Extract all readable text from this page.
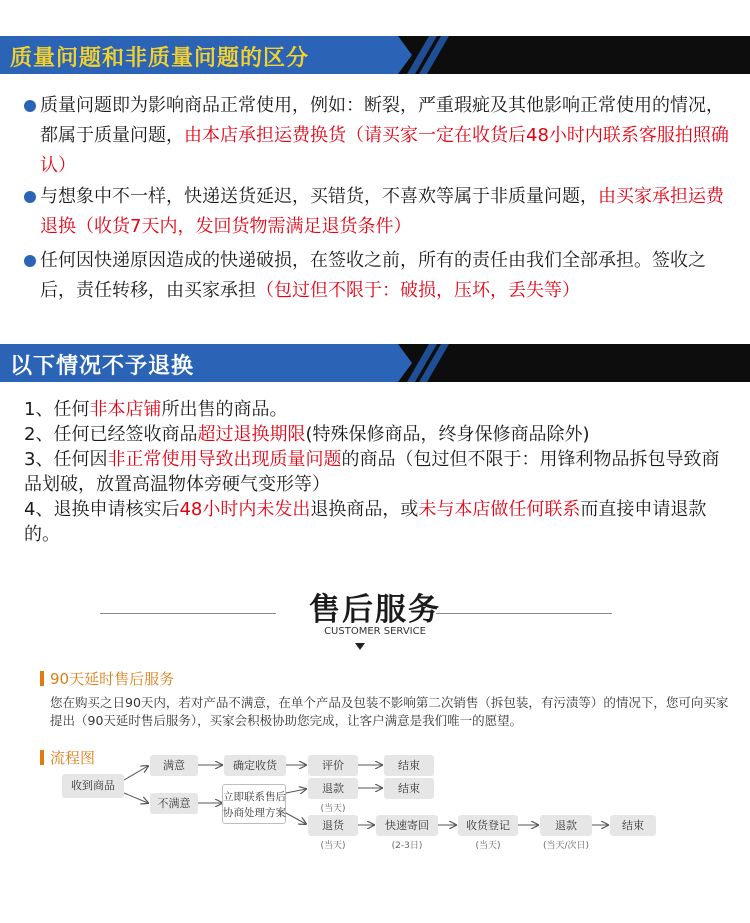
质量问题和非质量问题的区分
质量问题即为影响商品正常使用，例如：断裂，严重瑕疵及其他影响正常使用的情况，都属于质量问题，由本店承担运费换货（请买家一定在收货后48小时内联系客服拍照确认）
与想象中不一样，快递送货延迟，买错货，不喜欢等属于非质量问题，由买家承担运费退换（收货7天内，发回货物需满足退货条件）
任何因快递原因造成的快递破损，在签收之前，所有的责任由我们全部承担。签收之后，责任转移，由买家承担（包过但不限于：破损，压坏，丢失等）
以下情况不予退换
1、任何非本店铺所出售的商品。
2、任何已经签收商品超过退换期限(特殊保修商品，终身保修商品除外)
3、任何因非正常使用导致出现质量问题的商品（包过但不限于：用锋利物品拆包导致商品划破，放置高温物体旁硬气变形等）
4、退换申请核实后48小时内未发出退换商品，或未与本店做任何联系而直接申请退款的。
售后服务
CUSTOMER SERVICE
90天延时售后服务
您在购买之日90天内，若对产品不满意，在单个产品及包装不影响第二次销售（拆包装，有污渍等）的情况下，您可向买家提出（90天延时售后服务），买家会积极协助您完成，让客户满意是我们唯一的愿望。
流程图
收到商品
满意	确定收货	评价	结束
不满意	立即联系售后
协商处理方案
退款
(当天)
结束
退货
(当天)
快速寄回
(2-3日)
收货登记
(当天)
退款
(当天/次日)
结束
